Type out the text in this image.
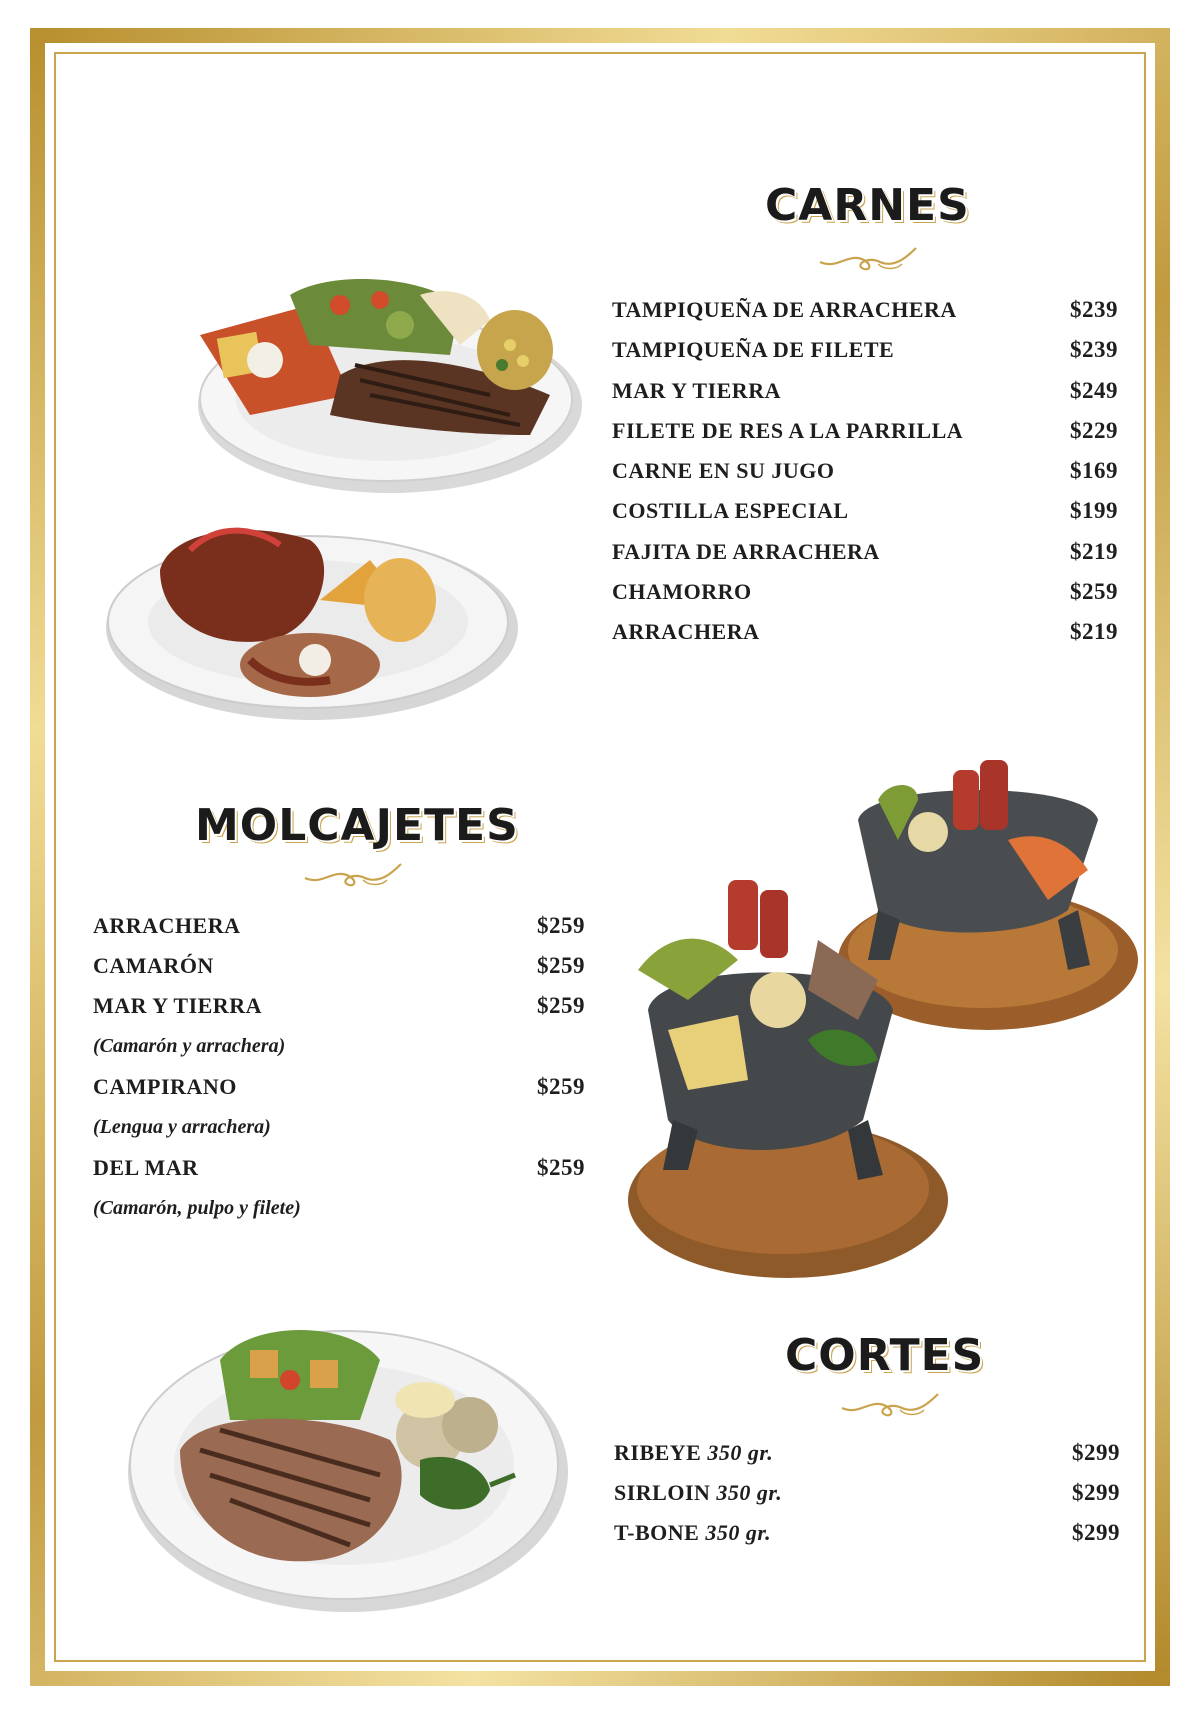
CARNES
TAMPIQUEÑA DE ARRACHERA	$239
TAMPIQUEÑA DE FILETE	$239
MAR Y TIERRA	$249
FILETE DE RES A LA PARRILLA	$229
CARNE EN SU JUGO	$169
COSTILLA ESPECIAL	$199
FAJITA DE ARRACHERA	$219
CHAMORRO	$259
ARRACHERA	$219
MOLCAJETES
ARRACHERA	$259
CAMARÓN	$259
MAR Y TIERRA	$259
(Camarón y arrachera)
CAMPIRANO	$259
(Lengua y arrachera)
DEL MAR	$259
(Camarón, pulpo y filete)
CORTES
RIBEYE 350 gr.	$299
SIRLOIN 350 gr.	$299
T-BONE 350 gr.	$299
